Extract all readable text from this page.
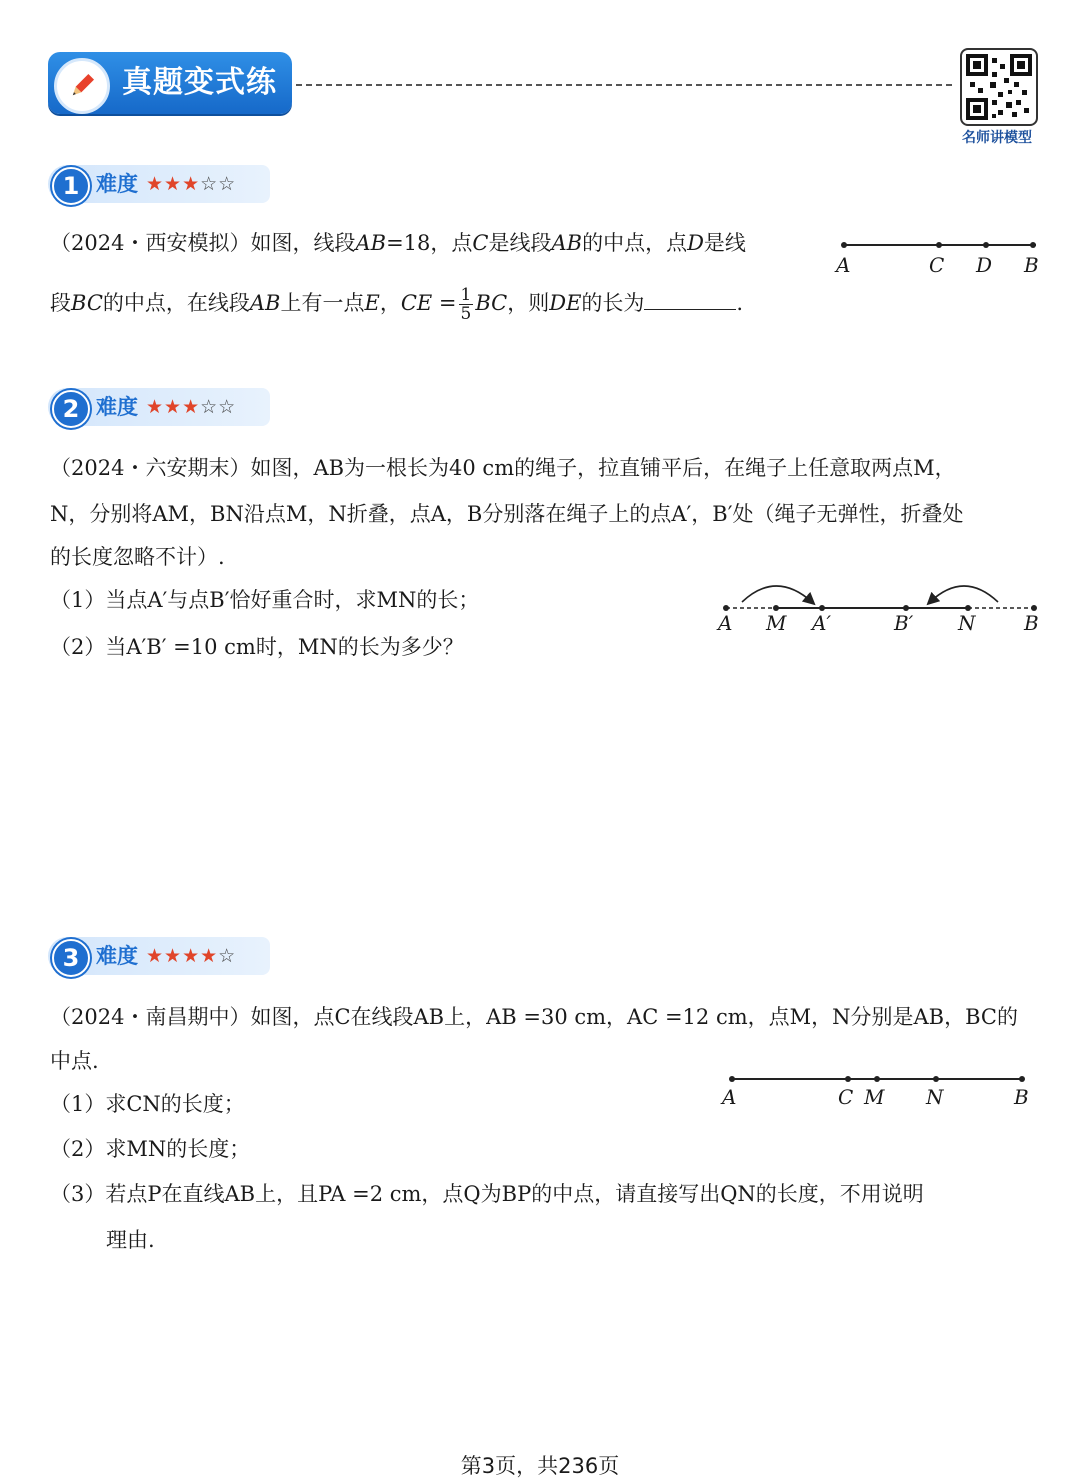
真题变式练
名师讲模型
1 难度 ★★★☆☆
（2024・西安模拟）如图，线段AB=18，点C是线段AB的中点，点D是线
段BC的中点，在线段AB上有一点E，CE = $\frac{1}{5}$ BC，则DE的长为	.
A	C D B
2 难度 ★★★☆☆
（2024・六安期末）如图，AB为一根长为40 cm的绳子，拉直铺平后，在绳子上任意取两点M，
N，分别将AM，BN沿点M，N折叠，点A，B分别落在绳子上的点A′，B′处（绳子无弹性，折叠处
的长度忽略不计）.
（1）当点A′与点B′恰好重合时，求MN的长；
（2）当A′B′ =10 cm时，MN的长为多少？
A M A′	B′ N B
3 难度 ★★★★☆
（2024・南昌期中）如图，点C在线段AB上，AB =30 cm，AC =12 cm，点M，N分别是AB，BC的
中点.
（1）求CN的长度；
（2）求MN的长度；
（3）若点P在直线AB上，且PA =2 cm，点Q为BP的中点，请直接写出QN的长度，不用说明
理由.
A	C M N	B
第3页，共236页
